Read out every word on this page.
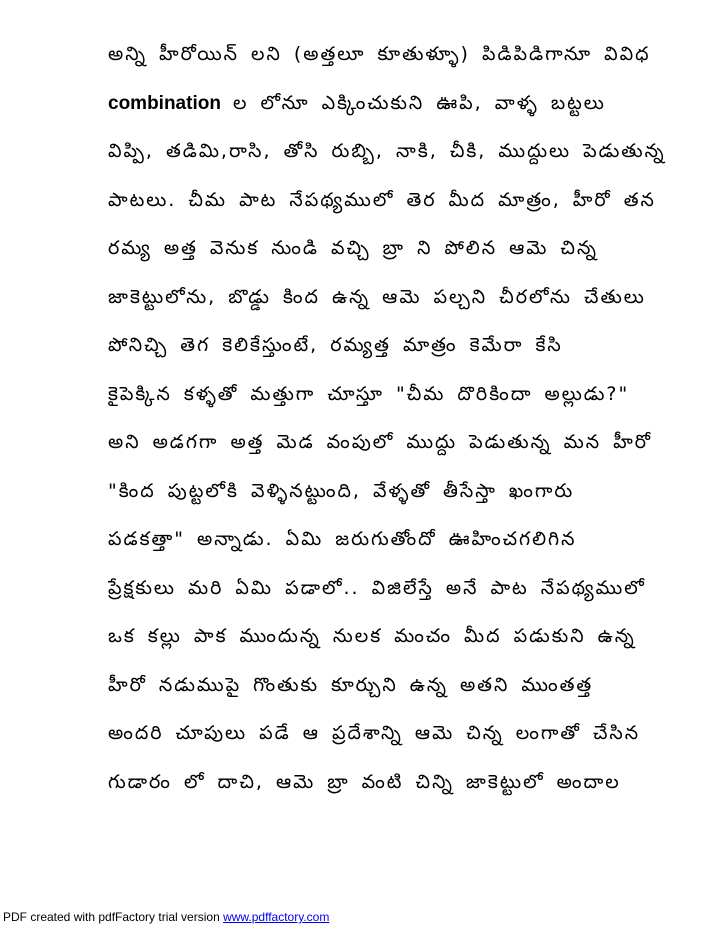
అన్ని హీరోయిన్ లని (అత్తలూ కూతుళ్ళూ) పిడిపిడిగానూ వివిధ
combination ల లోనూ ఎక్కించుకుని ఊపి, వాళ్ళ బట్టలు
విప్పి, తడిమి,రాసి, తోసి రుబ్బి, నాకి, చీకి, ముద్దులు పెడుతున్న
పాటలు. చీమ పాట నేపథ్యములో తెర మీద మాత్రం, హీరో తన
రమ్య అత్త వెనుక నుండి వచ్చి బ్రా ని పోలిన ఆమె చిన్న
జాకెట్టులోను, బొడ్డు కింద ఉన్న ఆమె పల్చని చీరలోను చేతులు
పోనిచ్చి తెగ కెలికేస్తుంటే, రమ్యత్త మాత్రం కెమేరా కేసి
కైపెక్కిన కళ్ళతో మత్తుగా చూస్తూ "చీమ దొరికిందా అల్లుడు?"
అని అడగగా అత్త మెడ వంపులో ముద్దు పెడుతున్న మన హీరో
"కింద పుట్టలోకి వెళ్ళినట్టుంది, వేళ్ళతో తీసేస్తా ఖంగారు
పడకత్తా" అన్నాడు. ఏమి జరుగుతోందో ఊహించగలిగిన
ప్రేక్షకులు మరి ఏమి పడాలో.. విజిలేస్తే అనే పాట నేపథ్యములో
ఒక కల్లు పాక ముందున్న నులక మంచం మీద పడుకుని ఉన్న
హీరో నడుముపై గొంతుకు కూర్చుని ఉన్న అతని ముంతత్త
అందరి చూపులు పడే ఆ ప్రదేశాన్ని ఆమె చిన్న లంగాతో చేసిన
గుడారం లో దాచి, ఆమె బ్రా వంటి చిన్ని జాకెట్టులో అందాల
PDF created with pdfFactory trial version www.pdffactory.com
